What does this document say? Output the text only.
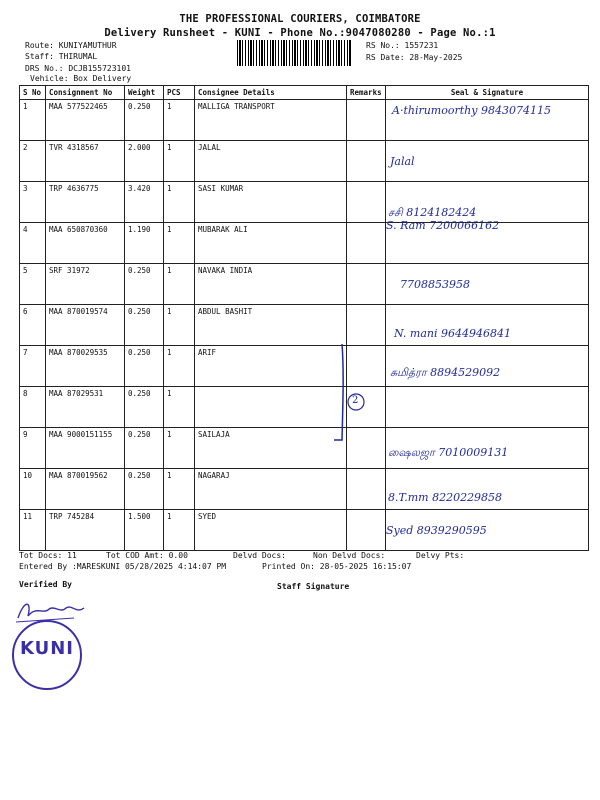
THE PROFESSIONAL COURIERS, COIMBATORE
Delivery Runsheet - KUNI - Phone No.:9047080280 - Page No.:1
Route: KUNIYAMUTHUR
Staff: THIRUMAL
DRS No.: DCJB155723101
Vehicle: Box Delivery
RS No.: 1557231
RS Date: 28-May-2025
S No	Consignment No	Weight	PCS	Consignee Details	Remarks	Seal & Signature
1	MAA 577522465	0.250	1	MALLIGA TRANSPORT		A·thirumoorthy 9843074115

2	TVR 4318567	2.000	1	JALAL		Jalal

3	TRP 4636775	3.420	1	SASI KUMAR		சசி 8124182424

4	MAA 650870360	1.190	1	MUBARAK ALI		S. Ram 7200066162

5	SRF 31972	0.250	1	NAVAKA INDIA		7708853958

6	MAA 870019574	0.250	1	ABDUL BASHIT		N. mani 9644946841

7	MAA 870029535	0.250	1	ARIF		சுமித்ரா 8894529092

8	MAA 87029531	0.250	1			

9	MAA 9000151155	0.250	1	SAILAJA		ஷைலஜா 7010009131

10	MAA 870019562	0.250	1	NAGARAJ		8.T.mm 8220229858

11	TRP 745284	1.500	1	SYED		Syed 8939290595
2
Tot Docs: 11	Tot COD Amt: 0.00	Delvd Docs:	Non Delvd Docs:	Delvy Pts:
Entered By :MARESKUNI 05/28/2025 4:14:07 PM	Printed On: 28-05-2025 16:15:07
Verified By	Staff Signature
KUNI
